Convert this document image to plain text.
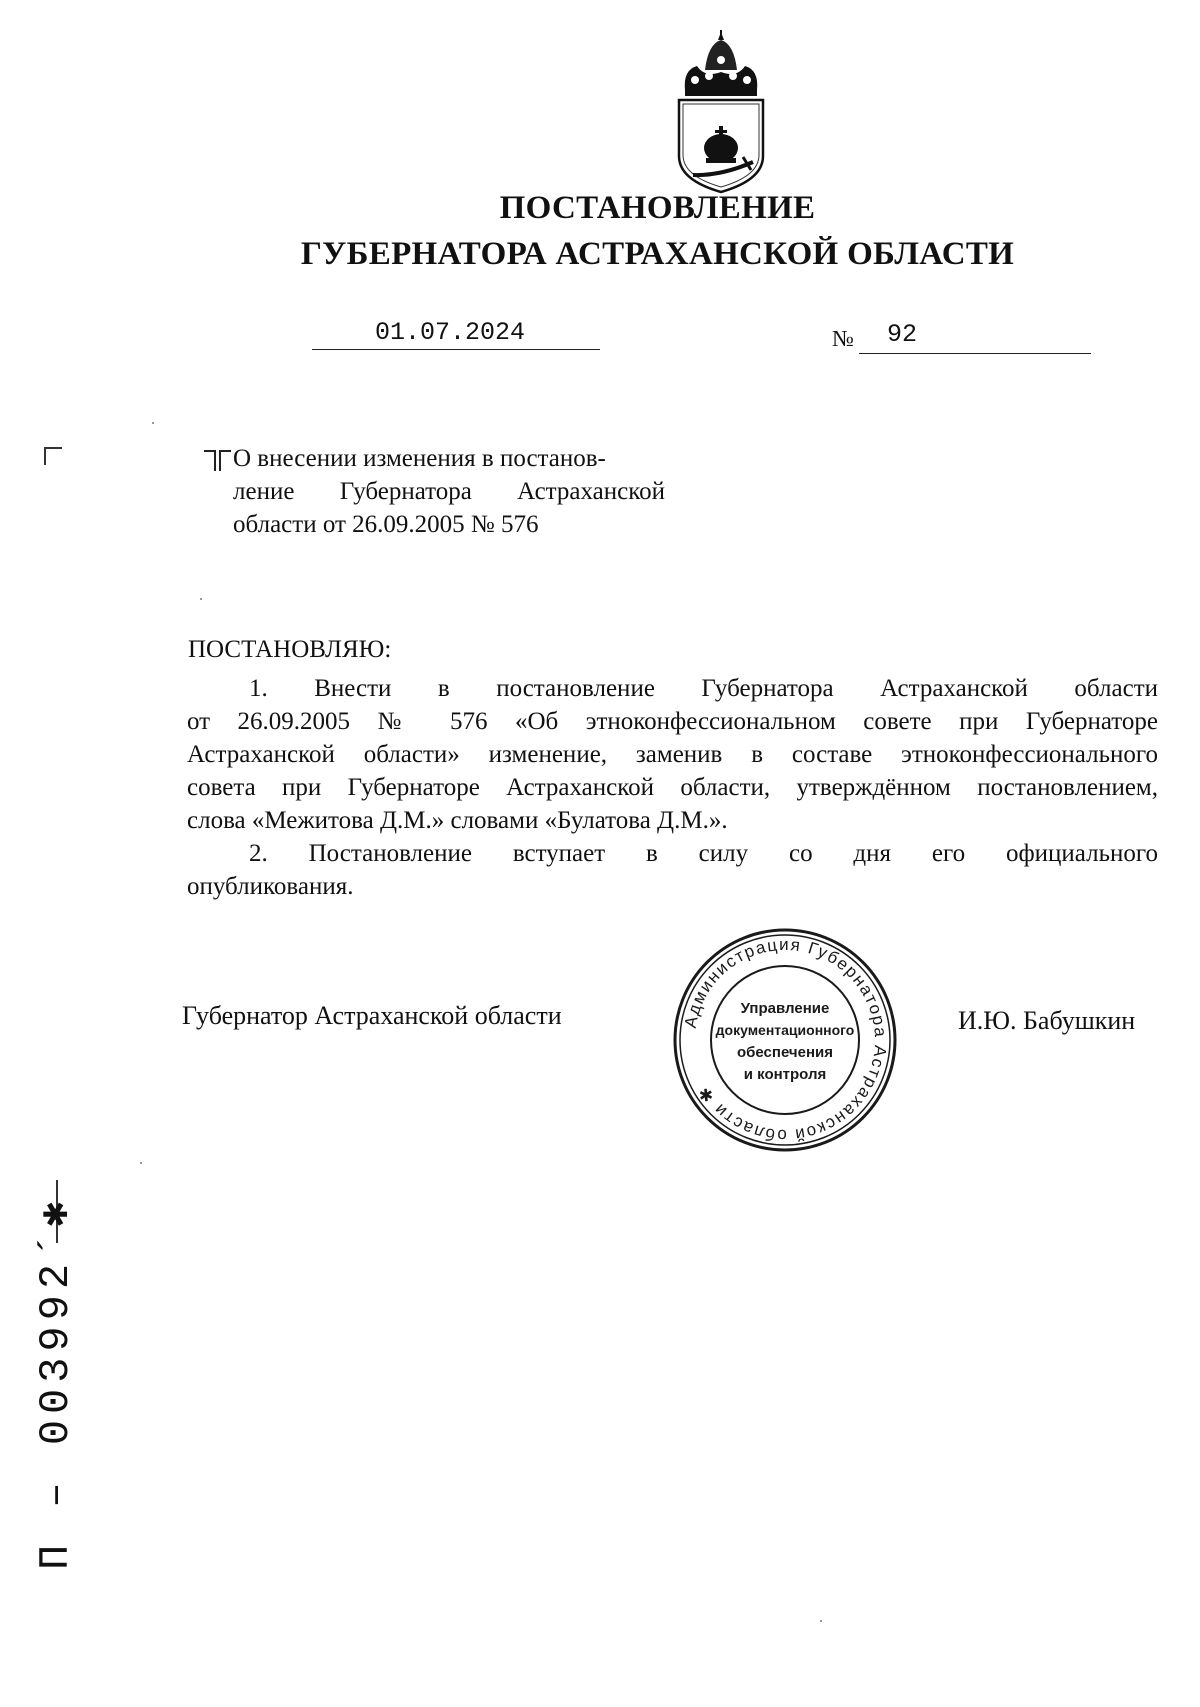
ПОСТАНОВЛЕНИЕ
ГУБЕРНАТОРА АСТРАХАНСКОЙ ОБЛАСТИ
01.07.2024	№ 92
О внесении изменения в постанов-
ление Губернатора Астраханской
области от 26.09.2005 № 576
ПОСТАНОВЛЯЮ:
1. Внести в постановление Губернатора Астраханской области
от 26.09.2005 № 576 «Об этноконфессиональном совете при Губернаторе
Астраханской области» изменение, заменив в составе этноконфессионального
совета при Губернаторе Астраханской области, утверждённом постановлением,
слова «Межитова Д.М.» словами «Булатова Д.М.».
2. Постановление вступает в силу со дня его официального
опубликования.
Губернатор Астраханской области	И.Ю. Бабушкин
Администрация Губернатора Астраханской области ✱
Управление
документационного
обеспечения
и контроля
П – 003992´✱
